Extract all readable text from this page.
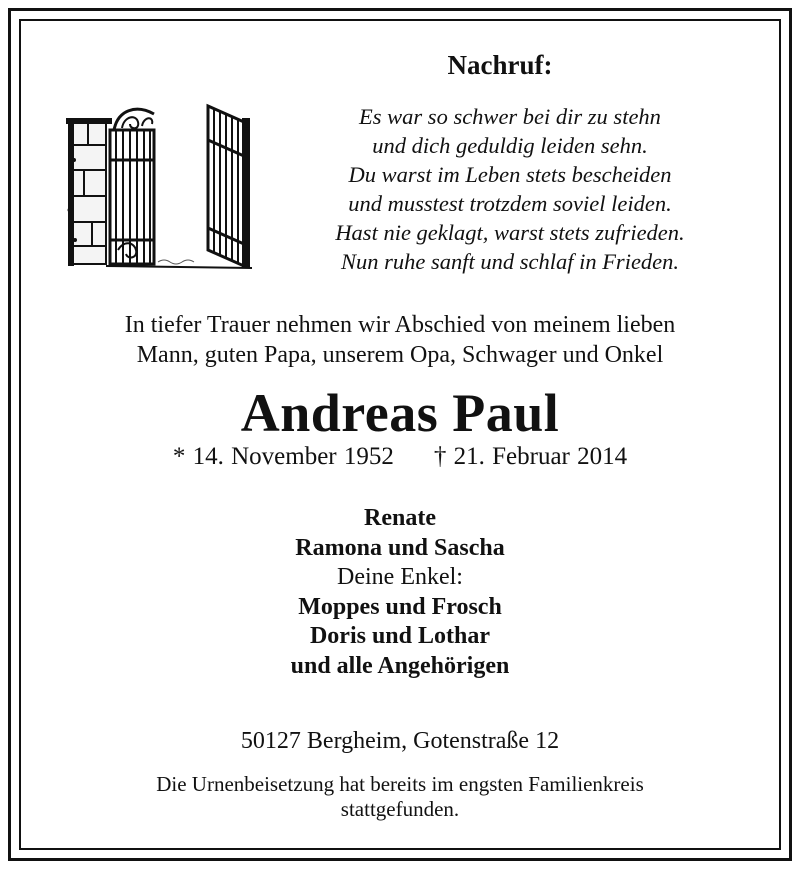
Nachruf:
Es war so schwer bei dir zu stehn
und dich geduldig leiden sehn.
Du warst im Leben stets bescheiden
und musstest trotzdem soviel leiden.
Hast nie geklagt, warst stets zufrieden.
Nun ruhe sanft und schlaf in Frieden.
In tiefer Trauer nehmen wir Abschied von meinem lieben
Mann, guten Papa, unserem Opa, Schwager und Onkel
Andreas Paul
* 14. November 1952 † 21. Februar 2014
Renate
Ramona und Sascha
Deine Enkel:
Moppes und Frosch
Doris und Lothar
und alle Angehörigen
50127 Bergheim, Gotenstraße 12
Die Urnenbeisetzung hat bereits im engsten Familienkreis
stattgefunden.
